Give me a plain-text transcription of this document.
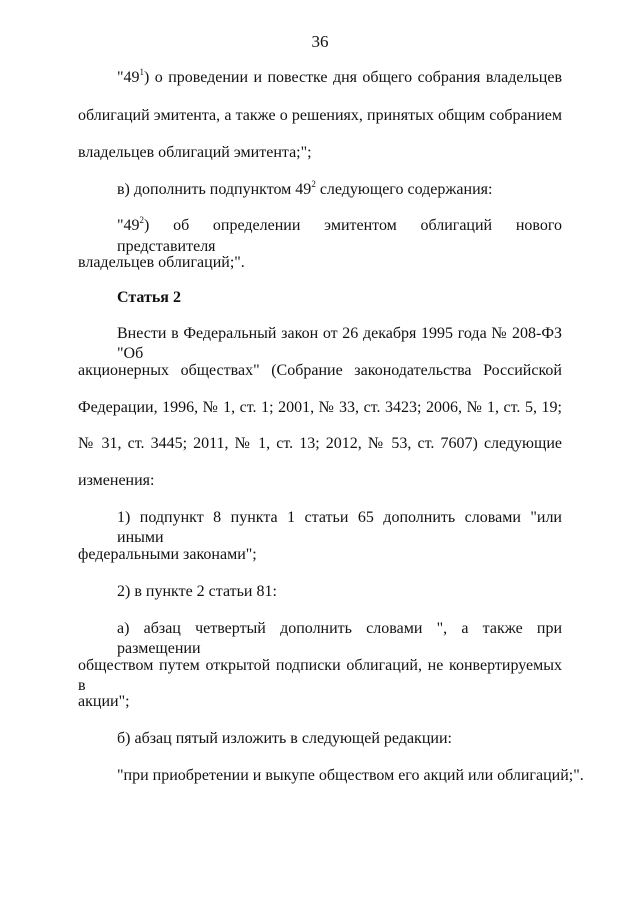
36
"$49^1$) о проведении и повестке дня общего собрания владельцев
облигаций эмитента, а также о решениях, принятых общим собранием
владельцев облигаций эмитента;";
в) дополнить подпунктом $49^2$ следующего содержания:
"$49^2$) об определении эмитентом облигаций нового представителя
владельцев облигаций;".
Статья 2
Внести в Федеральный закон от 26 декабря 1995 года № 208-ФЗ "Об
акционерных обществах" (Собрание законодательства Российской
Федерации, 1996, № 1, ст. 1; 2001, № 33, ст. 3423; 2006, № 1, ст. 5, 19;
№ 31, ст. 3445; 2011, № 1, ст. 13; 2012, № 53, ст. 7607) следующие
изменения:
1) подпункт 8 пункта 1 статьи 65 дополнить словами "или иными
федеральными законами";
2) в пункте 2 статьи 81:
а) абзац четвертый дополнить словами ", а также при размещении
обществом путем открытой подписки облигаций, не конвертируемых в
акции";
б) абзац пятый изложить в следующей редакции:
"при приобретении и выкупе обществом его акций или облигаций;".
